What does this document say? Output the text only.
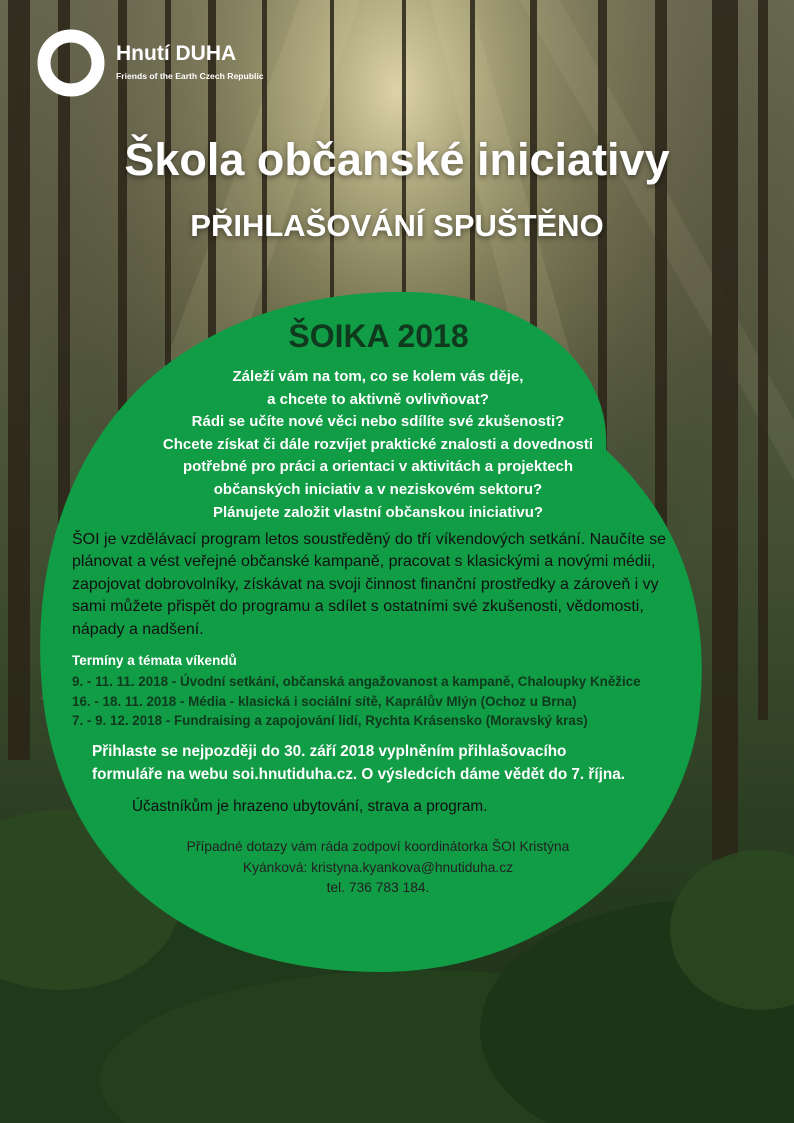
Hnutí DUHA
Friends of the Earth Czech Republic
Škola občanské iniciativy
PŘIHLAŠOVÁNÍ SPUŠTĚNO
ŠOIKA 2018
Záleží vám na tom, co se kolem vás děje,
a chcete to aktivně ovlivňovat?
Rádi se učíte nové věci nebo sdílíte své zkušenosti?
Chcete získat či dále rozvíjet praktické znalosti a dovednosti
potřebné pro práci a orientaci v aktivitách a projektech
občanských iniciativ a v neziskovém sektoru?
Plánujete založit vlastní občanskou iniciativu?
ŠOI je vzdělávací program letos soustředěný do tří víkendových setkání. Naučíte se plánovat a vést veřejné občanské kampaně, pracovat s klasickými a novými médii, zapojovat dobrovolníky, získávat na svoji činnost finanční prostředky a zároveň i vy sami můžete přispět do programu a sdílet s ostatními své zkušenosti, vědomosti, nápady a nadšení.
Termíny a témata víkendů
9. - 11. 11. 2018 - Úvodní setkání, občanská angažovanost a kampaně, Chaloupky Kněžice
16. - 18. 11. 2018 - Média - klasická i sociální sítě, Kaprálův Mlýn (Ochoz u Brna)
7. - 9. 12. 2018 - Fundraising a zapojování lidí, Rychta Krásensko (Moravský kras)
Přihlaste se nejpozději do 30. září 2018 vyplněním přihlašovacího
formuláře na webu soi.hnutiduha.cz. O výsledcích dáme vědět do 7. října.
Účastníkům je hrazeno ubytování, strava a program.
Případné dotazy vám ráda zodpoví koordinátorka ŠOI Kristýna
Kyánková: kristyna.kyankova@hnutiduha.cz
tel. 736 783 184.
